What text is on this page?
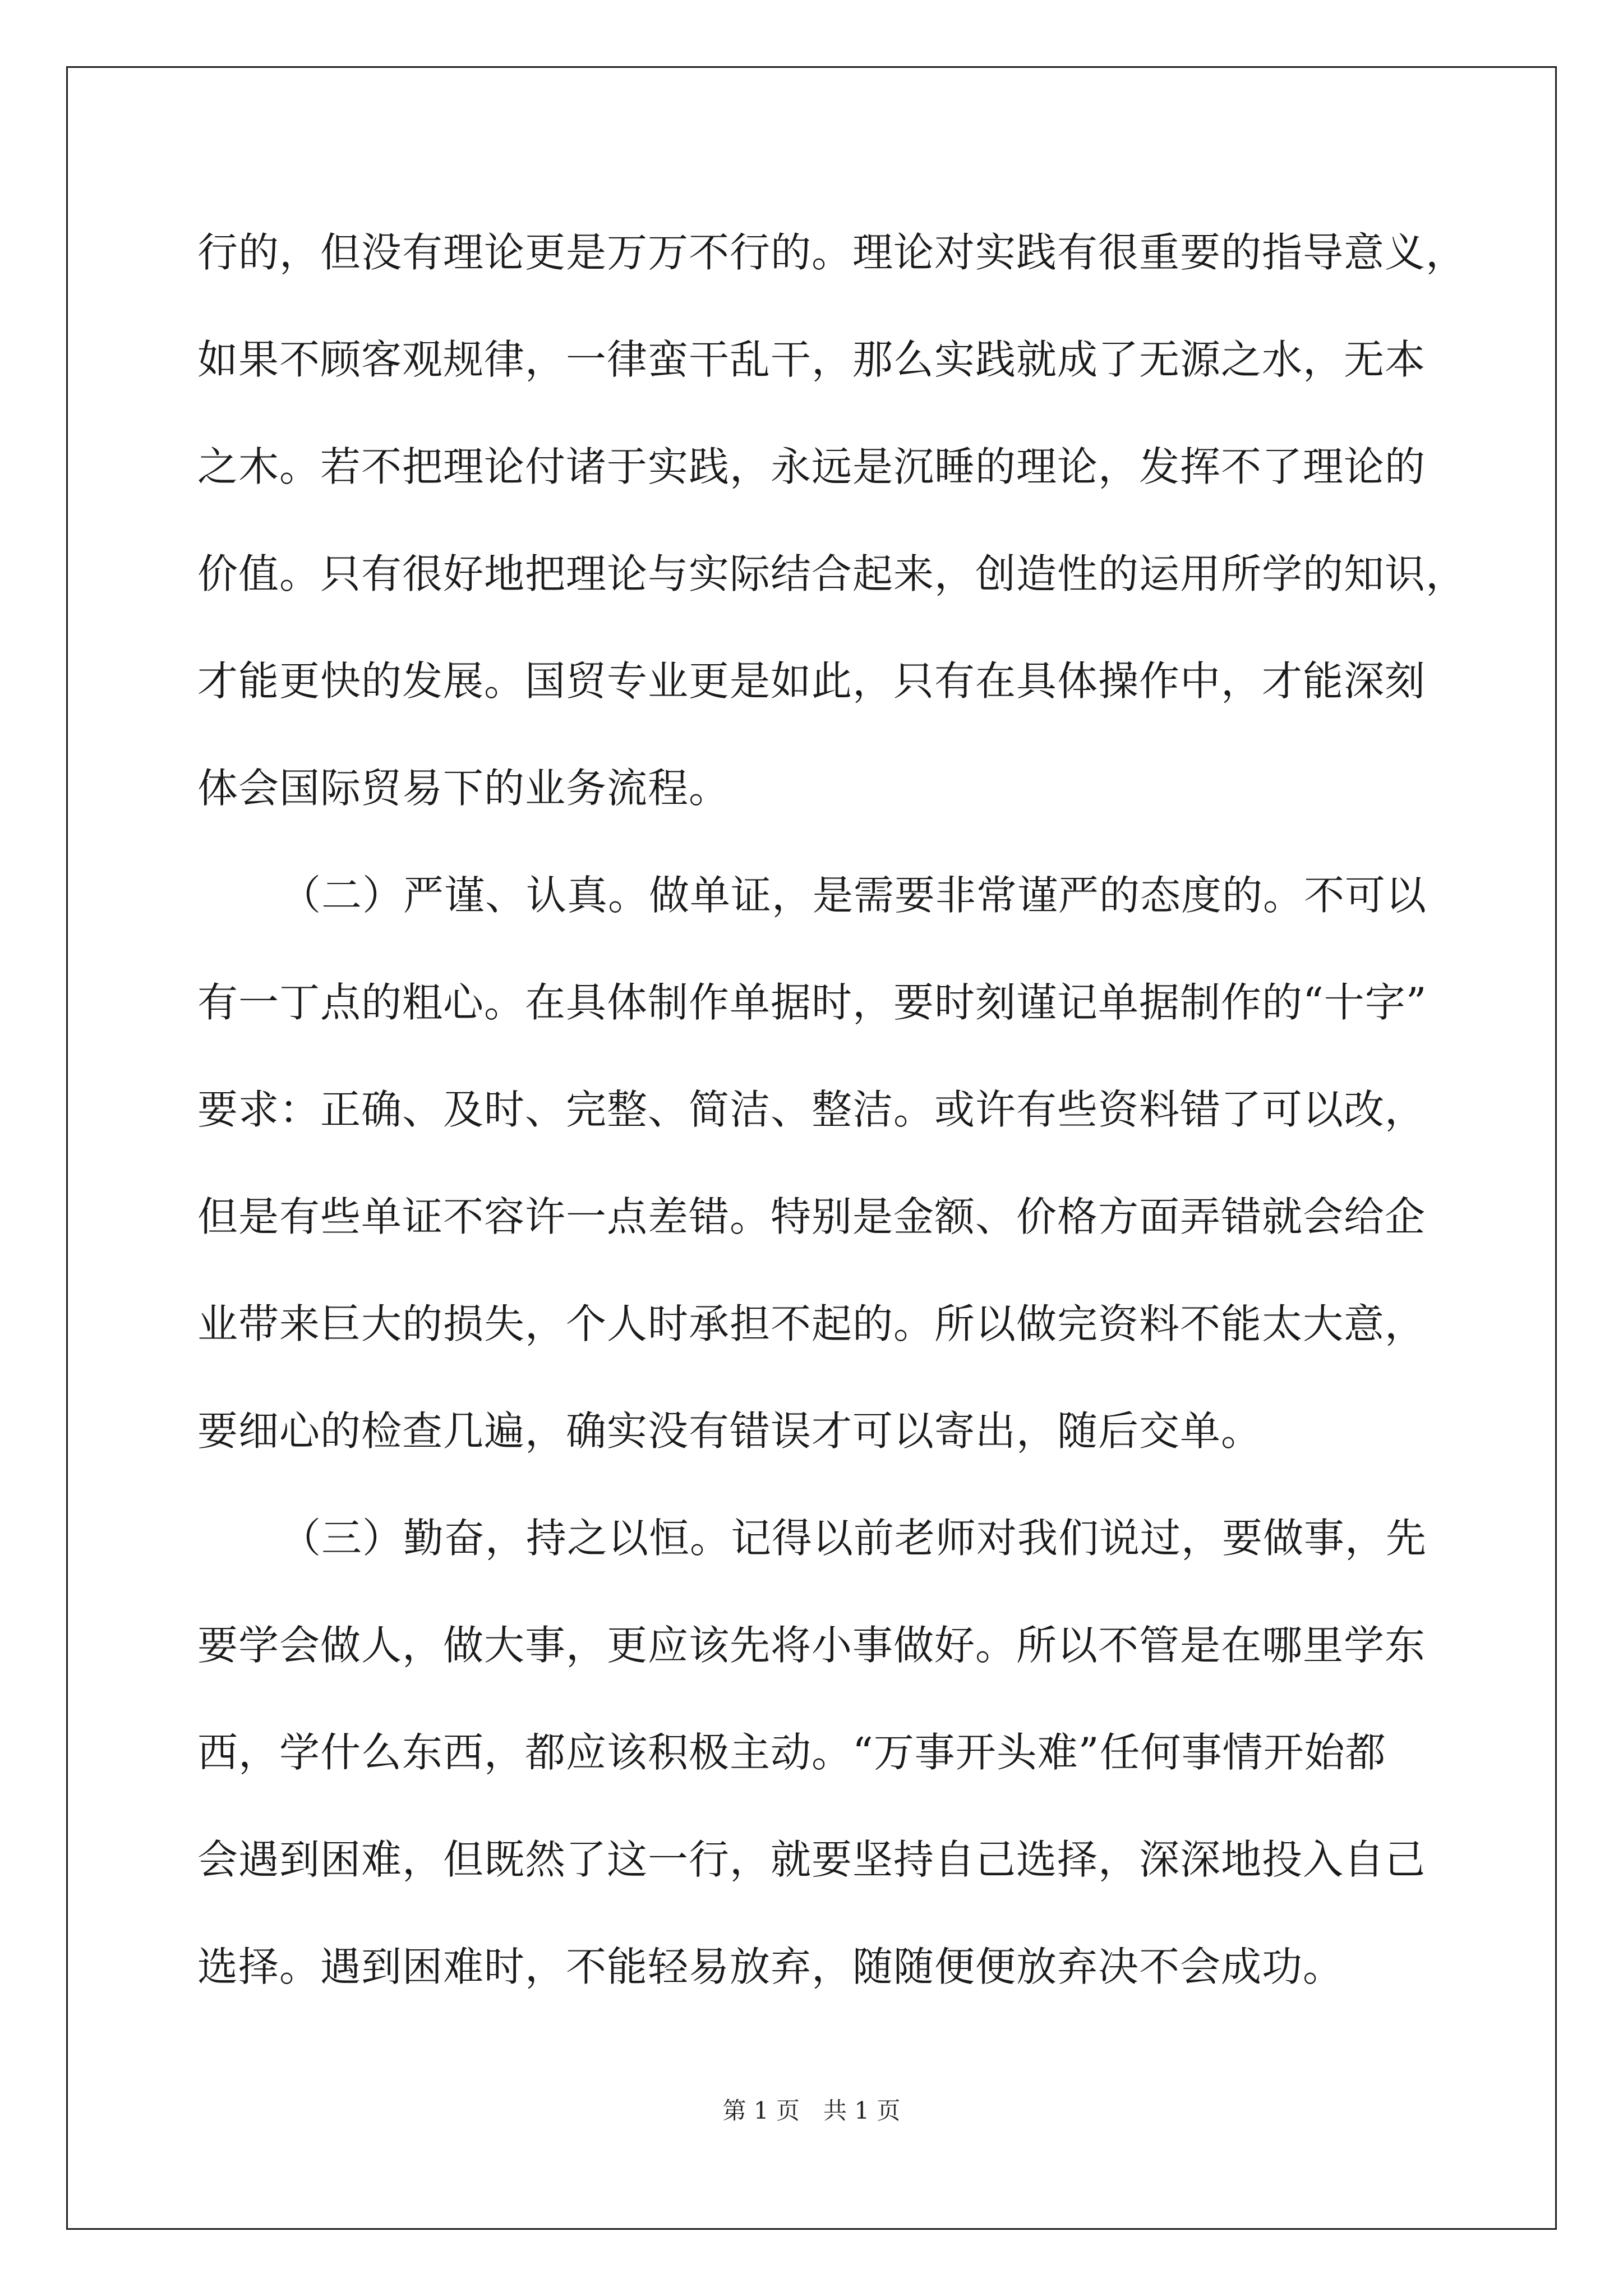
行的，但没有理论更是万万不行的。理论对实践有很重要的指导意义，
如果不顾客观规律，一律蛮干乱干，那么实践就成了无源之水，无本
之木。若不把理论付诸于实践，永远是沉睡的理论，发挥不了理论的
价值。只有很好地把理论与实际结合起来，创造性的运用所学的知识，
才能更快的发展。国贸专业更是如此，只有在具体操作中，才能深刻
体会国际贸易下的业务流程。
（二）严谨、认真。做单证，是需要非常谨严的态度的。不可以
有一丁点的粗心。在具体制作单据时，要时刻谨记单据制作的“十字”
要求：正确、及时、完整、简洁、整洁。或许有些资料错了可以改，
但是有些单证不容许一点差错。特别是金额、价格方面弄错就会给企
业带来巨大的损失，个人时承担不起的。所以做完资料不能太大意，
要细心的检查几遍，确实没有错误才可以寄出，随后交单。
（三）勤奋，持之以恒。记得以前老师对我们说过，要做事，先
要学会做人，做大事，更应该先将小事做好。所以不管是在哪里学东
西，学什么东西，都应该积极主动。“万事开头难”任何事情开始都
会遇到困难，但既然了这一行，就要坚持自己选择，深深地投入自己
选择。遇到困难时，不能轻易放弃，随随便便放弃决不会成功。
第 1 页　共 1 页
